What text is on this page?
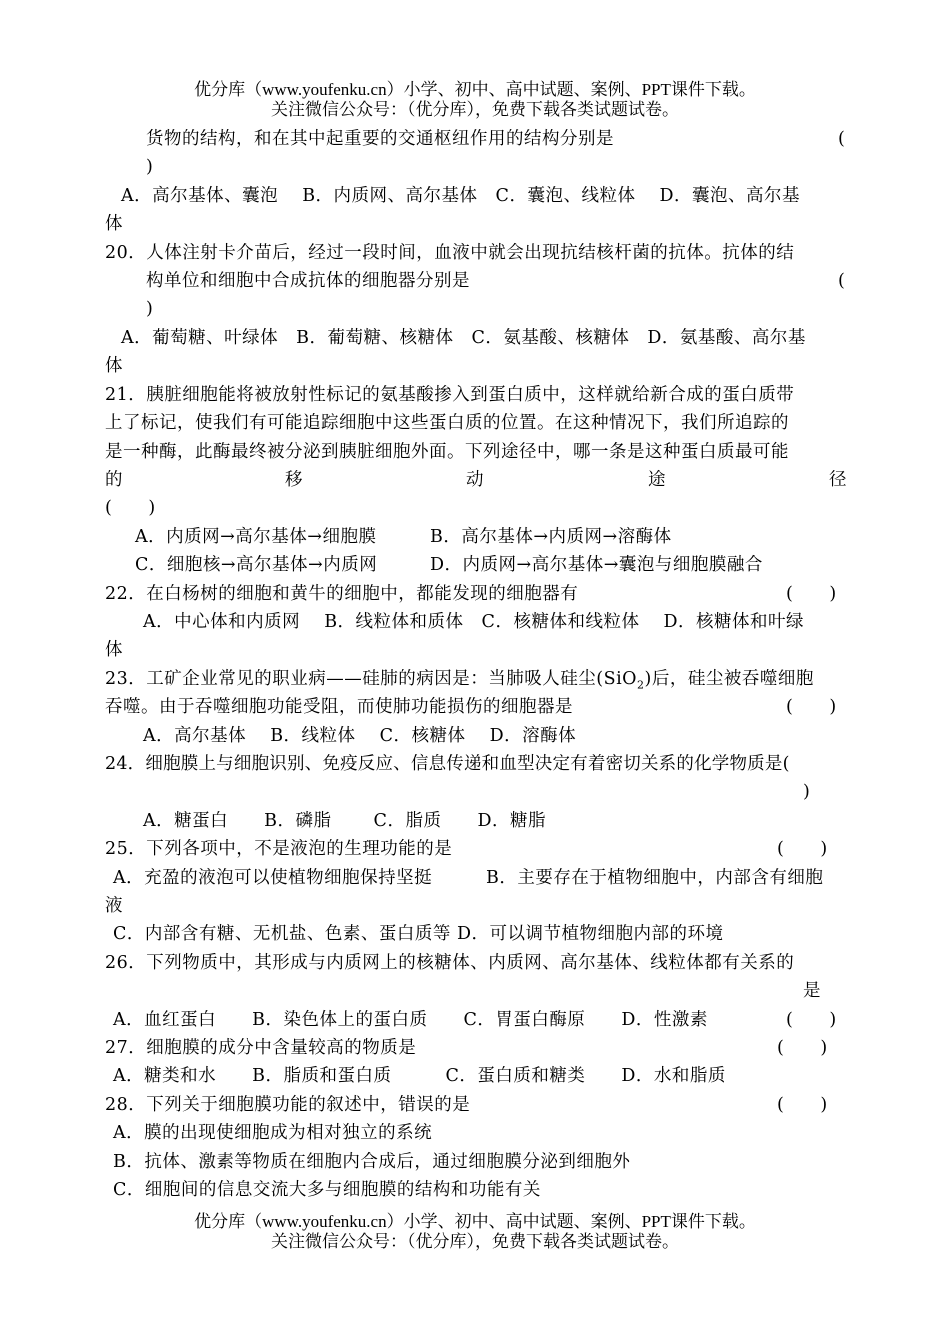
优分库（www.youfenku.cn）小学、初中、高中试题、案例、PPT课件下载。
关注微信公众号：（优分库），免费下载各类试题试卷。
货物的结构，和在其中起重要的交通枢纽作用的结构分别是	(
)
A．高尔基体、囊泡　 B．内质网、高尔基体　C．囊泡、线粒体　 D．囊泡、高尔基
体
20．人体注射卡介苗后，经过一段时间，血液中就会出现抗结核杆菌的抗体。抗体的结
构单位和细胞中合成抗体的细胞器分别是	(
)
A．葡萄糖、叶绿体　B．葡萄糖、核糖体　C．氨基酸、核糖体　D．氨基酸、高尔基
体
21．胰脏细胞能将被放射性标记的氨基酸掺入到蛋白质中，这样就给新合成的蛋白质带
上了标记，使我们有可能追踪细胞中这些蛋白质的位置。在这种情况下，我们所追踪的
是一种酶，此酶最终被分泌到胰脏细胞外面。下列途径中，哪一条是这种蛋白质最可能
的	移	动	途	径
(　　)
A．内质网→高尔基体→细胞膜	B．高尔基体→内质网→溶酶体
C．细胞核→高尔基体→内质网	D．内质网→高尔基体→囊泡与细胞膜融合
22．在白杨树的细胞和黄牛的细胞中，都能发现的细胞器有	(　　)
A．中心体和内质网　 B．线粒体和质体　C．核糖体和线粒体　 D．核糖体和叶绿
体
23．工矿企业常见的职业病——硅肺的病因是：当肺吸人硅尘(SiO$_2$)后，硅尘被吞噬细胞
吞噬。由于吞噬细胞功能受阻，而使肺功能损伤的细胞器是	(　　)
A．高尔基体　 B．线粒体　 C．核糖体　 D．溶酶体
24．细胞膜上与细胞识别、免疫反应、信息传递和血型决定有着密切关系的化学物质是(
)
A．糖蛋白　　B．磷脂　　 C．脂质　　D．糖脂
25．下列各项中，不是液泡的生理功能的是	(　　)
A．充盈的液泡可以使植物细胞保持坚挺	B．主要存在于植物细胞中，内部含有细胞
液
C．内部含有糖、无机盐、色素、蛋白质等 D．可以调节植物细胞内部的环境
26．下列物质中，其形成与内质网上的核糖体、内质网、高尔基体、线粒体都有关系的
是
A．血红蛋白　　B．染色体上的蛋白质　　C．胃蛋白酶原　　D．性激素	(　　)
27．细胞膜的成分中含量较高的物质是	(　　)
A．糖类和水　　B．脂质和蛋白质　　　C．蛋白质和糖类　　D．水和脂质
28．下列关于细胞膜功能的叙述中，错误的是	(　　)
A．膜的出现使细胞成为相对独立的系统
B．抗体、激素等物质在细胞内合成后，通过细胞膜分泌到细胞外
C．细胞间的信息交流大多与细胞膜的结构和功能有关
优分库（www.youfenku.cn）小学、初中、高中试题、案例、PPT课件下载。
关注微信公众号：（优分库），免费下载各类试题试卷。
